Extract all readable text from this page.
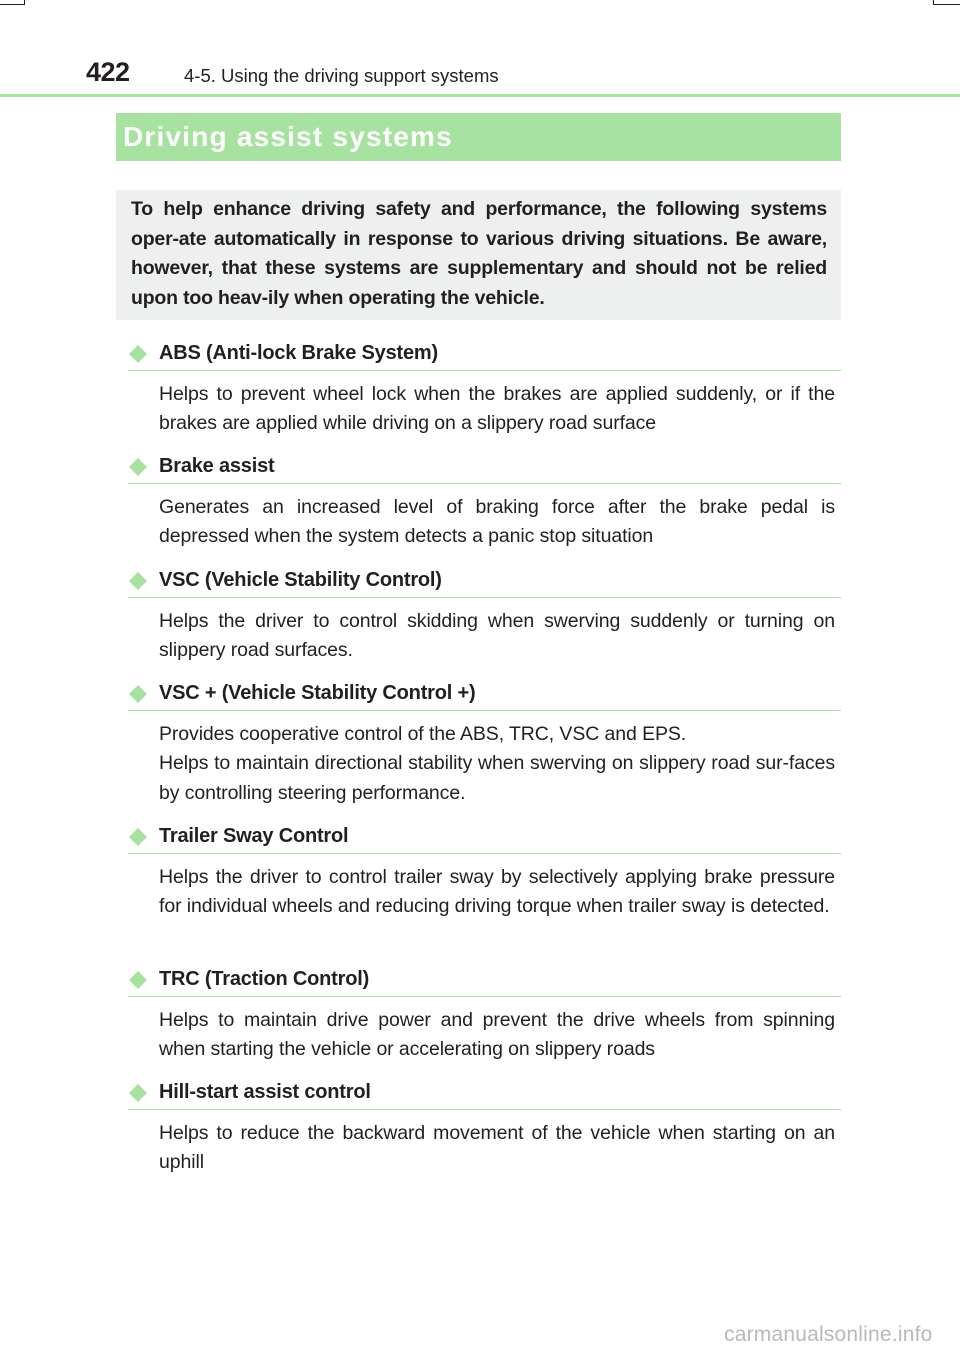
422	4-5. Using the driving support systems
Driving assist systems
To help enhance driving safety and performance, the following systems oper-ate automatically in response to various driving situations. Be aware, however, that these systems are supplementary and should not be relied upon too heav-ily when operating the vehicle.
ABS (Anti-lock Brake System)

Helps to prevent wheel lock when the brakes are applied suddenly, or if the brakes are applied while driving on a slippery road surface

Brake assist

Generates an increased level of braking force after the brake pedal is depressed when the system detects a panic stop situation

VSC (Vehicle Stability Control)

Helps the driver to control skidding when swerving suddenly or turning on slippery road surfaces.

VSC + (Vehicle Stability Control +)

Provides cooperative control of the ABS, TRC, VSC and EPS.

Helps to maintain directional stability when swerving on slippery road sur-faces by controlling steering performance.

Trailer Sway Control

Helps the driver to control trailer sway by selectively applying brake pressure for individual wheels and reducing driving torque when trailer sway is detected.

TRC (Traction Control)

Helps to maintain drive power and prevent the drive wheels from spinning when starting the vehicle or accelerating on slippery roads

Hill-start assist control

Helps to reduce the backward movement of the vehicle when starting on an uphill

carmanualsonline.info
